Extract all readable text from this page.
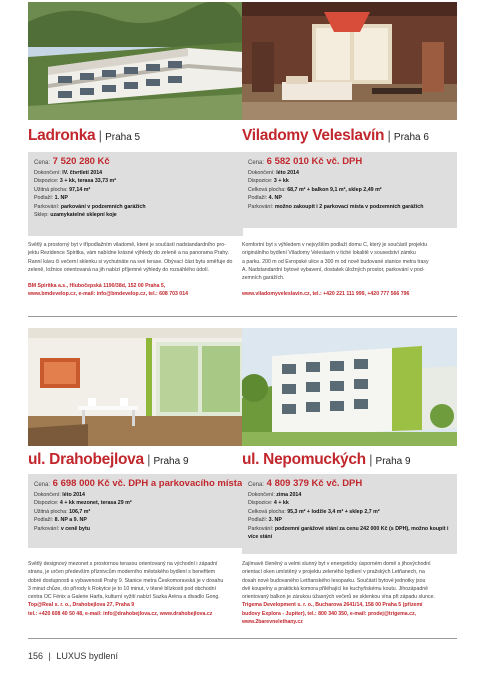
Ladronka | Praha 5
Cena: 7 520 280 Kč
Dokončení: IV. čtvrtletí 2014
Dispozice: 3 + kk, terasa 33,73 m²
Užitná plocha: 97,14 m²
Podlaží: 1. NP
Parkování: parkování v podzemních garážích
Sklep: uzamykatelné sklepní koje

Světlý a prostorný byt v třípodlažním viladomě, které je součástí nadstandardního pro-

jektu Rezidence Spiritka, vám nabídne krásné výhledy do zeleně a na panorama Prahy.

Ranní kávu či večerní sklenku si vychutnáte na své terase. Obývací část bytu směřuje do

zeleně, ložnice orientovaná na jih nabízí příjemné výhledy do rozsáhlého údolí.

BM Spiritka a.s., Hlubočepská 1190/38d, 152 00 Praha 5,
www.bmdevelop.cz, e-mail: info@bmdevelop.cz, tel.: 608 703 014
Viladomy Veleslavín | Praha 6
Cena: 6 582 010 Kč vč. DPH
Dokončení: léto 2014
Dispozice: 3 + kk
Celková plocha: 68,7 m² + balkon 9,1 m², sklep 2,49 m²
Podlaží: 4. NP
Parkování: možno zakoupit i 2 parkovací místa v podzemních garážích

Komfortní byt s výhledem v nejvyšším podlaží domu C, který je součástí projektu

originálního bydlení Viladomy Veleslavín v tiché lokalitě v sousedství zámku

a parku. 200 m od Evropské ulice a 300 m od nově budované stanice metra trasy

A. Nadstandardní bytové vybavení, dostatek úložných prostor, parkování v pod-

zemních garážích.

www.viladomyveleslavin.cz, tel.: +420 221 111 999, +420 777 566 796
ul. Drahobejlova | Praha 9
Cena: 6 698 000 Kč vč. DPH a parkovacího místa
Dokončení: léto 2014
Dispozice: 4 + kk mezonet, terasa 29 m²
Užitná plocha: 106,7 m²
Podlaží: 8. NP a 9. NP
Parkování: v ceně bytu

Světlý designový mezonet s prostornou terasou orientovaný na východní i západní

stranu, je určen především příznivcům moderního městského bydlení s benefitem

dobré dostupnosti a vybavenosti Prahy 9. Stanice metra Českomoravská je v dosahu

3 minut chůze, do přírody k Rokytce je to 10 minut, v těsné blízkosti pod obchodní

centra OC Fénix a Galerie Harfa, kulturní vyžití nabízí Sazka Aréna a divadlo Gong.

Top@Real s. r. o., Drahobejlova 27, Praha 9
tel.: +420 608 40 50 48, e-mail: info@drahobejlova.cz, www.drahobejlova.cz
ul. Nepomuckých | Praha 9
Cena: 4 809 379 Kč vč. DPH
Dokončení: zima 2014
Dispozice: 4 + kk
Celková plocha: 95,3 m² + lodžie 3,4 m² + sklep 2,7 m²
Podlaží: 3. NP
Parkování: podzemní garážové stání za cenu 242 000 Kč (s DPH), možno koupit i více stání

Zajímavě členěný a velmi slunný byt v energeticky úsporném domě s jihovýchodní

orientací oken umístěný v projektu zeleného bydlení v pražských Letňanech, na

dosah nové budovaného Letňanského lesoparku. Součástí bytové jednotky jsou

dvě koupelny a praktická komora přiléhající ke kuchyňskému koutu. Jihozápadně

orientovaný balkon je zárukou úžasných večerů se sklenkou vína při západu slunce.

Trigema Development s. r. o., Bucharova 2641/14, 158 00 Praha 5 (přízemí
budovy Explora - Jupiter), tel.: 800 340 350, e-mail: prodej@trigema.cz,
www.2barevnelethany.cz
156 | LUXUS bydlení
